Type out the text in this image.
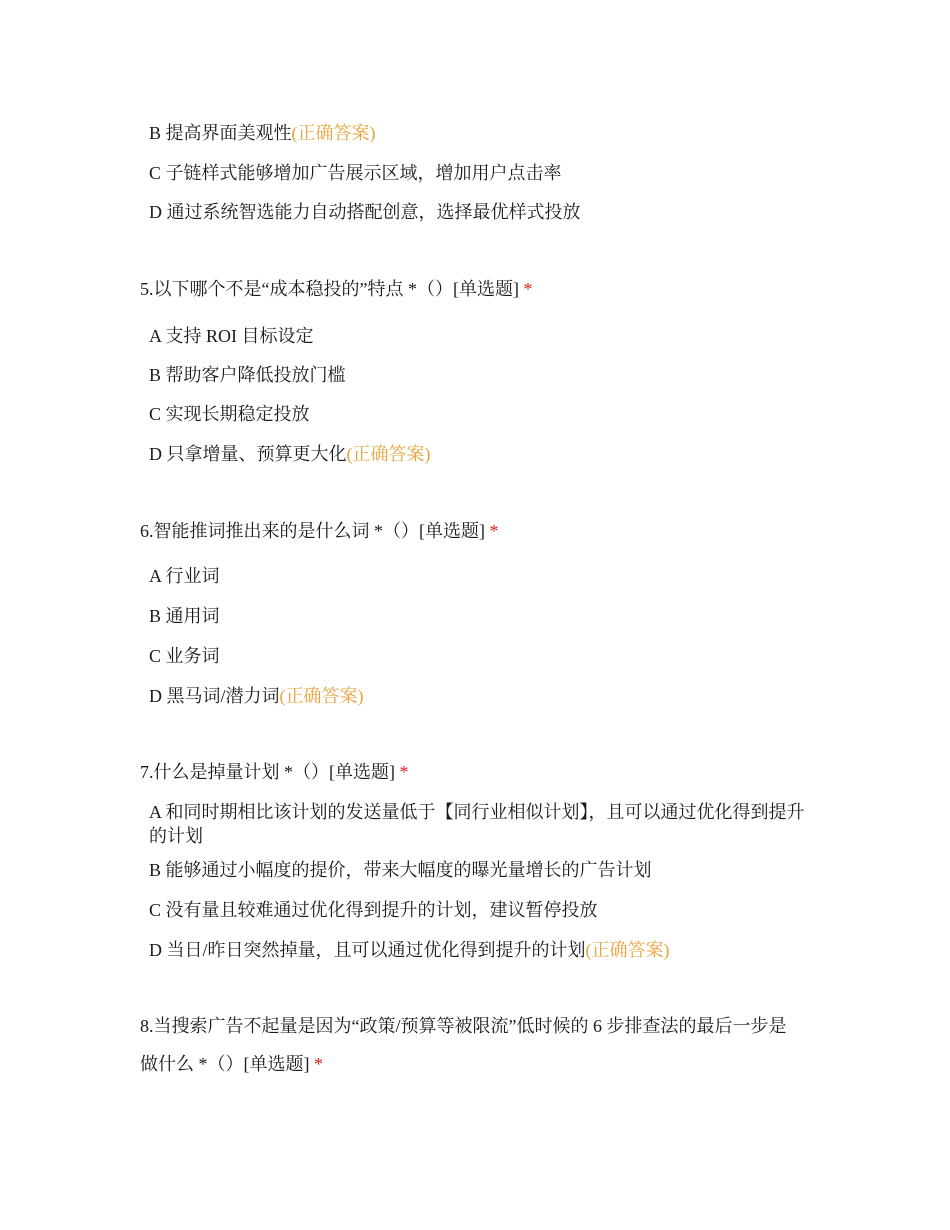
B 提高界面美观性(正确答案)
C 子链样式能够增加广告展示区域，增加用户点击率
D 通过系统智选能力自动搭配创意，选择最优样式投放
5.以下哪个不是“成本稳投的”特点 *（）[单选题] *
A 支持 ROI 目标设定
B 帮助客户降低投放门槛
C 实现长期稳定投放
D 只拿增量、预算更大化(正确答案)
6.智能推词推出来的是什么词 *（）[单选题] *
A 行业词
B 通用词
C 业务词
D 黑马词/潜力词(正确答案)
7.什么是掉量计划 *（）[单选题] *
A 和同时期相比该计划的发送量低于【同行业相似计划】，且可以通过优化得到提升的计划
B 能够通过小幅度的提价，带来大幅度的曝光量增长的广告计划
C 没有量且较难通过优化得到提升的计划，建议暂停投放
D 当日/昨日突然掉量，且可以通过优化得到提升的计划(正确答案)
8.当搜索广告不起量是因为“政策/预算等被限流”低时候的 6 步排查法的最后一步是
做什么 *（）[单选题] *
